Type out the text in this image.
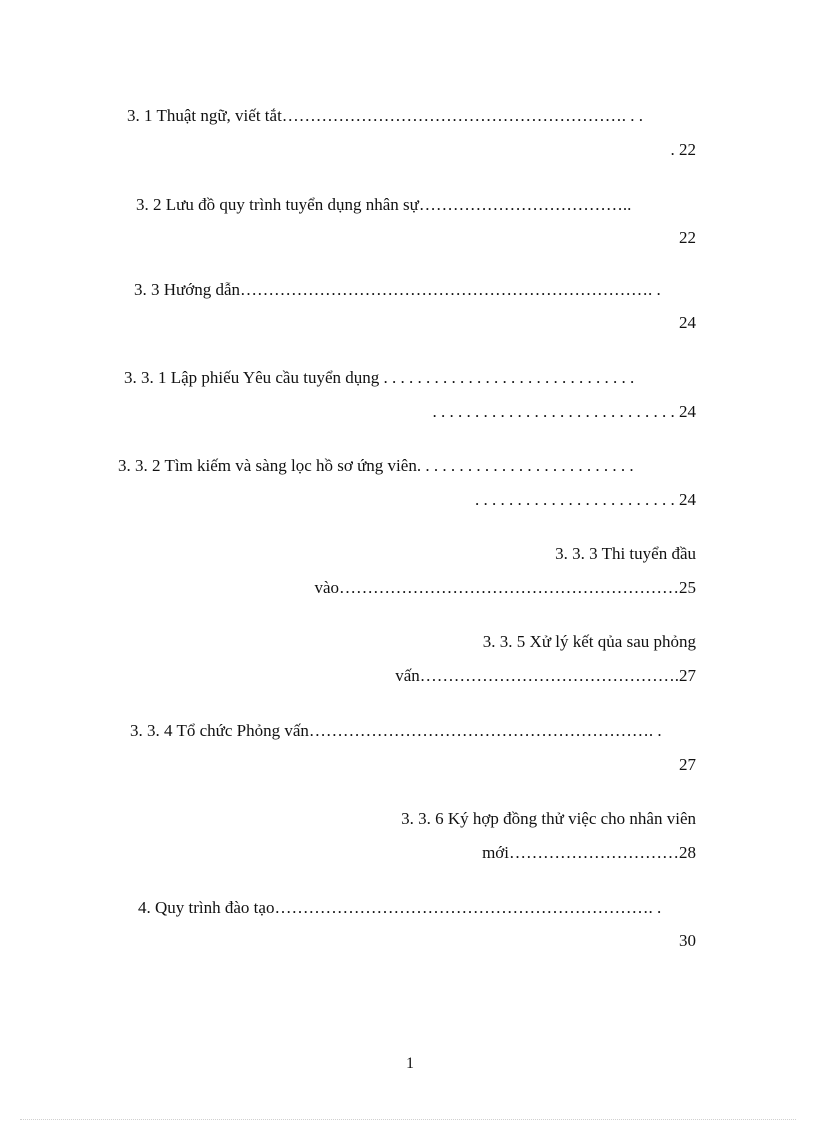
3. 1 Thuật ngữ, viết tắt……………………………………………………. . .
. 22
3. 2 Lưu đồ quy trình tuyển dụng nhân sự………………………………..
22
3. 3 Hướng dẫn………………………………………………………………. .
24
3. 3. 1 Lập phiếu Yêu cầu tuyển dụng . . . . . . . . . . . . . . . . . . . . . . . . . . . . . .
. . . . . . . . . . . . . . . . . . . . . . . . . . . . . 24
3. 3. 2 Tìm kiếm và sàng lọc hồ sơ ứng viên. . . . . . . . . . . . . . . . . . . . . . . . . .
. . . . . . . . . . . . . . . . . . . . . . . . 24
3. 3. 3 Thi tuyển đầu
vào……………………………………………………25
3. 3. 5 Xử lý kết qủa sau phỏng
vấn……………………………………….27
3. 3. 4 Tổ chức Phỏng vấn……………………………………………………. .
27
3. 3. 6 Ký hợp đồng thử việc cho nhân viên
mới…………………………28
4. Quy trình đào tạo…………………………………………………………. .
30
1
